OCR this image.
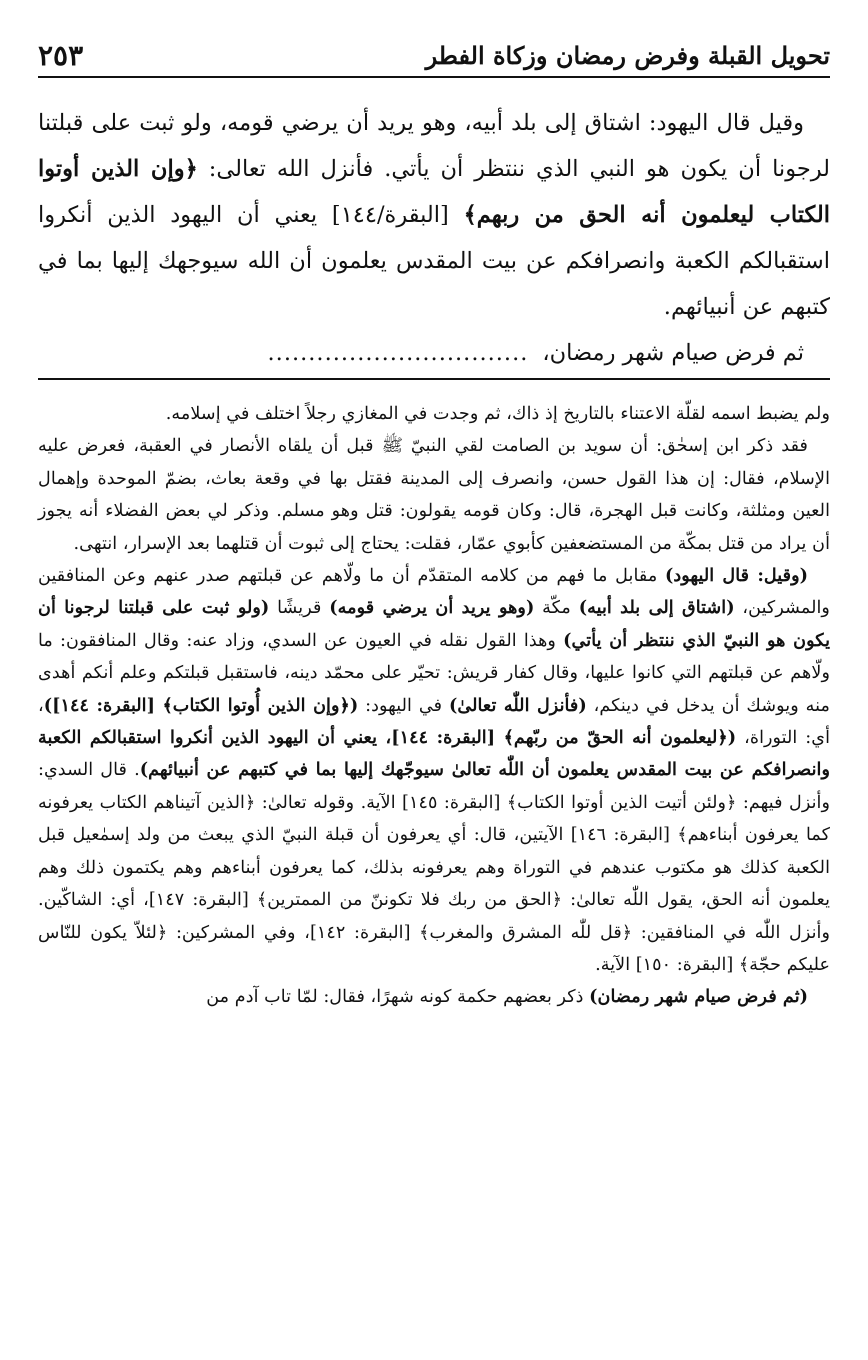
٢٥٣	تحويل القبلة وفرض رمضان وزكاة الفطر

وقيل قال اليهود: اشتاق إلى بلد أبيه، وهو يريد أن يرضي قومه، ولو ثبت على قبلتنا لرجونا أن يكون هو النبي الذي ننتظر أن يأتي. فأنزل الله تعالى: ﴿وإن الذين أوتوا الكتاب ليعلمون أنه الحق من ربهم﴾ [البقرة/١٤٤] يعني أن اليهود الذين أنكروا استقبالكم الكعبة وانصرافكم عن بيت المقدس يعلمون أن الله سيوجهك إليها بما في كتبهم عن أنبيائهم.

ثم فرض صيام شهر رمضان،................................

ولم يضبط اسمه لقلّة الاعتناء بالتاريخ إذ ذاك، ثم وجدت في المغازي رجلاً اختلف في إسلامه.

فقد ذكر ابن إسحٰق: أن سويد بن الصامت لقي النبيّ ﷺ قبل أن يلقاه الأنصار في العقبة، فعرض عليه الإسلام، فقال: إن هذا القول حسن، وانصرف إلى المدينة فقتل بها في وقعة بعاث، بضمّ الموحدة وإهمال العين ومثلثة، وكانت قبل الهجرة، قال: وكان قومه يقولون: قتل وهو مسلم. وذكر لي بعض الفضلاء أنه يجوز أن يراد من قتل بمكّة من المستضعفين كأبوي عمّار، فقلت: يحتاج إلى ثبوت أن قتلهما بعد الإسرار، انتهى.

(وقيل: قال اليهود) مقابل ما فهم من كلامه المتقدّم أن ما ولّاهم عن قبلتهم صدر عنهم وعن المنافقين والمشركين، (اشتاق إلى بلد أبيه) مكّة (وهو يريد أن يرضي قومه) قريشًا (ولو ثبت على قبلتنا لرجونا أن يكون هو النبيّ الذي ننتظر أن يأتي) وهذا القول نقله في العيون عن السدي، وزاد عنه: وقال المنافقون: ما ولّاهم عن قبلتهم التي كانوا عليها، وقال كفار قريش: تحيّر على محمّد دينه، فاستقبل قبلتكم وعلم أنكم أهدى منه ويوشك أن يدخل في دينكم، (فأنزل اللّٰه تعالىٰ) في اليهود: (﴿وإن الذين أُوتوا الكتاب﴾ [البقرة: ١٤٤])، أي: التوراة، (﴿ليعلمون أنه الحقّ من ربّهم﴾ [البقرة: ١٤٤]، يعني أن اليهود الذين أنكروا استقبالكم الكعبة وانصرافكم عن بيت المقدس يعلمون أن اللّٰه تعالىٰ سيوجّهك إليها بما في كتبهم عن أنبيائهم). قال السدي: وأنزل فيهم: ﴿ولئن أتيت الذين أوتوا الكتاب﴾ [البقرة: ١٤٥] الآية. وقوله تعالىٰ: ﴿الذين آتيناهم الكتاب يعرفونه كما يعرفون أبناءهم﴾ [البقرة: ١٤٦] الآيتين، قال: أي يعرفون أن قبلة النبيّ الذي يبعث من ولد إسمٰعيل قبل الكعبة كذلك هو مكتوب عندهم في التوراة وهم يعرفونه بذلك، كما يعرفون أبناءهم وهم يكتمون ذلك وهم يعلمون أنه الحق، يقول اللّٰه تعالىٰ: ﴿الحق من ربك فلا تكوننّ من الممترين﴾ [البقرة: ١٤٧]، أي: الشاكّين. وأنزل اللّٰه في المنافقين: ﴿قل للّٰه المشرق والمغرب﴾ [البقرة: ١٤٢]، وفي المشركين: ﴿لئلاّ يكون للنّاس عليكم حجّة﴾ [البقرة: ١٥٠] الآية.

(ثم فرض صيام شهر رمضان) ذكر بعضهم حكمة كونه شهرًا، فقال: لمّا تاب آدم من
